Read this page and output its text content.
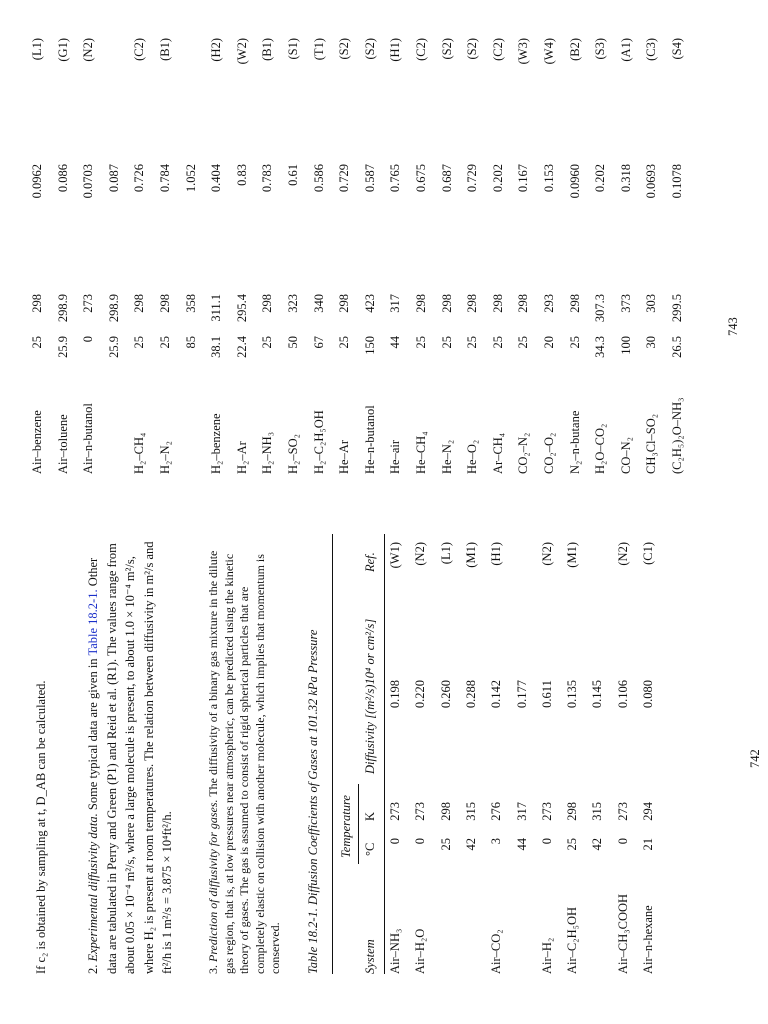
If c₂ is obtained by sampling at t, D_AB can be calculated.	2. Experimental diffusivity data. Some typical data are given in Table 18.2-1. Other data are tabulated in Perry and Green (P1) and Reid et al. (R1). The values range from about 0.05 × 10⁻⁴ m²/s, where a large molecule is present, to about 1.0 × 10⁻⁴ m²/s, where H₂ is present at room temperatures. The relation between diffusivity in m²/s and ft²/h is 1 m²/s = 3.875 × 10⁴ft²/h.	3. Prediction of diffusivity for gases. The diffusivity of a binary gas mixture in the dilute gas region, that is, at low pressures near atmospheric, can be predicted using the kinetic theory of gases. The gas is assumed to consist of rigid spherical particles that are completely elastic on collision with another molecule, which implies that momentum is conserved. Table 18.2-1. Diffusion Coefficients of Gases at 101.32 kPa Pressure Temperature
System
°C
K
Diffusivity [(m²/s)10⁴ or cm²/s]
Ref.
Air–NH₃
0
273
0.198
(W1)
Air–H₂O
0
273
0.220
(N2)
25
298
0.260
(L1)
42
315
0.288
(M1)
Air–CO₂
3
276
0.142
(H1)
44
317
0.177
Air–H₂
0
273
0.611
(N2)
Air–C₂H₅OH
25
298
0.135
(M1)
42
315
0.145
Air–CH₃COOH
0
273
0.106
(N2)
Air–n-hexane
21
294
0.080
(C1)
742
Air–benzene
25
298
0.0962
(L1)
Air–toluene
25.9
298.9
0.086
(G1)
Air–n-butanol
0
273
0.0703
(N2)
25.9
298.9
0.087
H₂–CH₄
25
298
0.726
(C2)
H₂–N₂
25
298
0.784
(B1)
85
358
1.052
H₂–benzene
38.1
311.1
0.404
(H2)
H₂–Ar
22.4
295.4
0.83
(W2)
H₂–NH₃
25
298
0.783
(B1)
H₂–SO₂
50
323
0.61
(S1)
H₂–C₂H₅OH
67
340
0.586
(T1)
He–Ar
25
298
0.729
(S2)
He–n-butanol
150
423
0.587
(S2)
He–air
44
317
0.765
(H1)
He–CH₄
25
298
0.675
(C2)
He–N₂
25
298
0.687
(S2)
He–O₂
25
298
0.729
(S2)
Ar–CH₄
25
298
0.202
(C2)
CO₂–N₂
25
298
0.167
(W3)
CO₂–O₂
20
293
0.153
(W4)
N₂–n-butane
25
298
0.0960
(B2)
H₂O–CO₂
34.3
307.3
0.202
(S3)
CO–N₂
100
373
0.318
(A1)
CH₃Cl–SO₂
30
303
0.0693
(C3)
(C₂H₅)₂O–NH₃
26.5
299.5
0.1078
(S4)
743
